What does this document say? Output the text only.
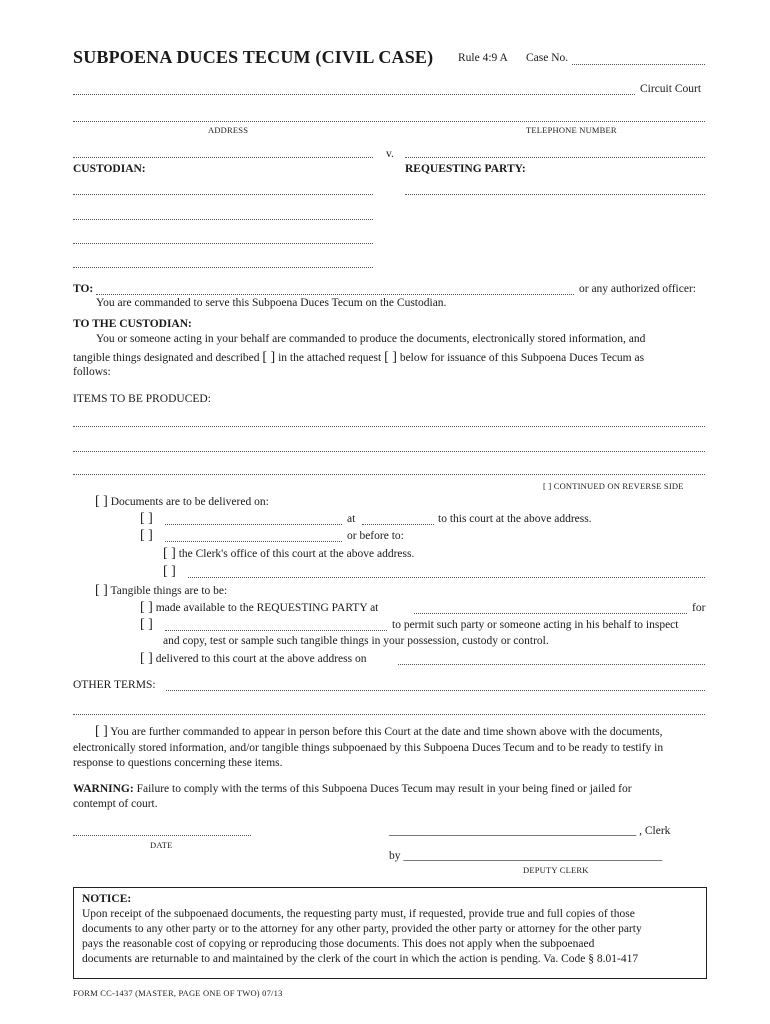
SUBPOENA DUCES TECUM (CIVIL CASE) Rule 4:9 A Case No.
Circuit Court
ADDRESS	TELEPHONE NUMBER
v.
CUSTODIAN:	REQUESTING PARTY:
TO:	or any authorized officer:
You are commanded to serve this Subpoena Duces Tecum on the Custodian.
TO THE CUSTODIAN:
You or someone acting in your behalf are commanded to produce the documents, electronically stored information, and
tangible things designated and described [ ] in the attached request [ ] below for issuance of this Subpoena Duces Tecum as
follows:
ITEMS TO BE PRODUCED:
[ ] CONTINUED ON REVERSE SIDE
[ ] Documents are to be delivered on:
[ ]	at	to this court at the above address.
[ ]	or before to:
[ ] the Clerk's office of this court at the above address.
[ ]
[ ] Tangible things are to be:
[ ] made available to the REQUESTING PARTY at	for
[ ]	to permit such party or someone acting in his behalf to inspect
and copy, test or sample such tangible things in your possession, custody or control.
[ ] delivered to this court at the above address on
OTHER TERMS:
[ ] You are further commanded to appear in person before this Court at the date and time shown above with the documents,
electronically stored information, and/or tangible things subpoenaed by this Subpoena Duces Tecum and to be ready to testify in
response to questions concerning these items.
WARNING: Failure to comply with the terms of this Subpoena Duces Tecum may result in your being fined or jailed for
contempt of court.
DATE
___________________________________________ , Clerk
by _____________________________________________
DEPUTY CLERK
NOTICE:
Upon receipt of the subpoenaed documents, the requesting party must, if requested, provide true and full copies of those
documents to any other party or to the attorney for any other party, provided the other party or attorney for the other party
pays the reasonable cost of copying or reproducing those documents. This does not apply when the subpoenaed
documents are returnable to and maintained by the clerk of the court in which the action is pending. Va. Code § 8.01-417
FORM CC-1437 (MASTER, PAGE ONE OF TWO) 07/13
